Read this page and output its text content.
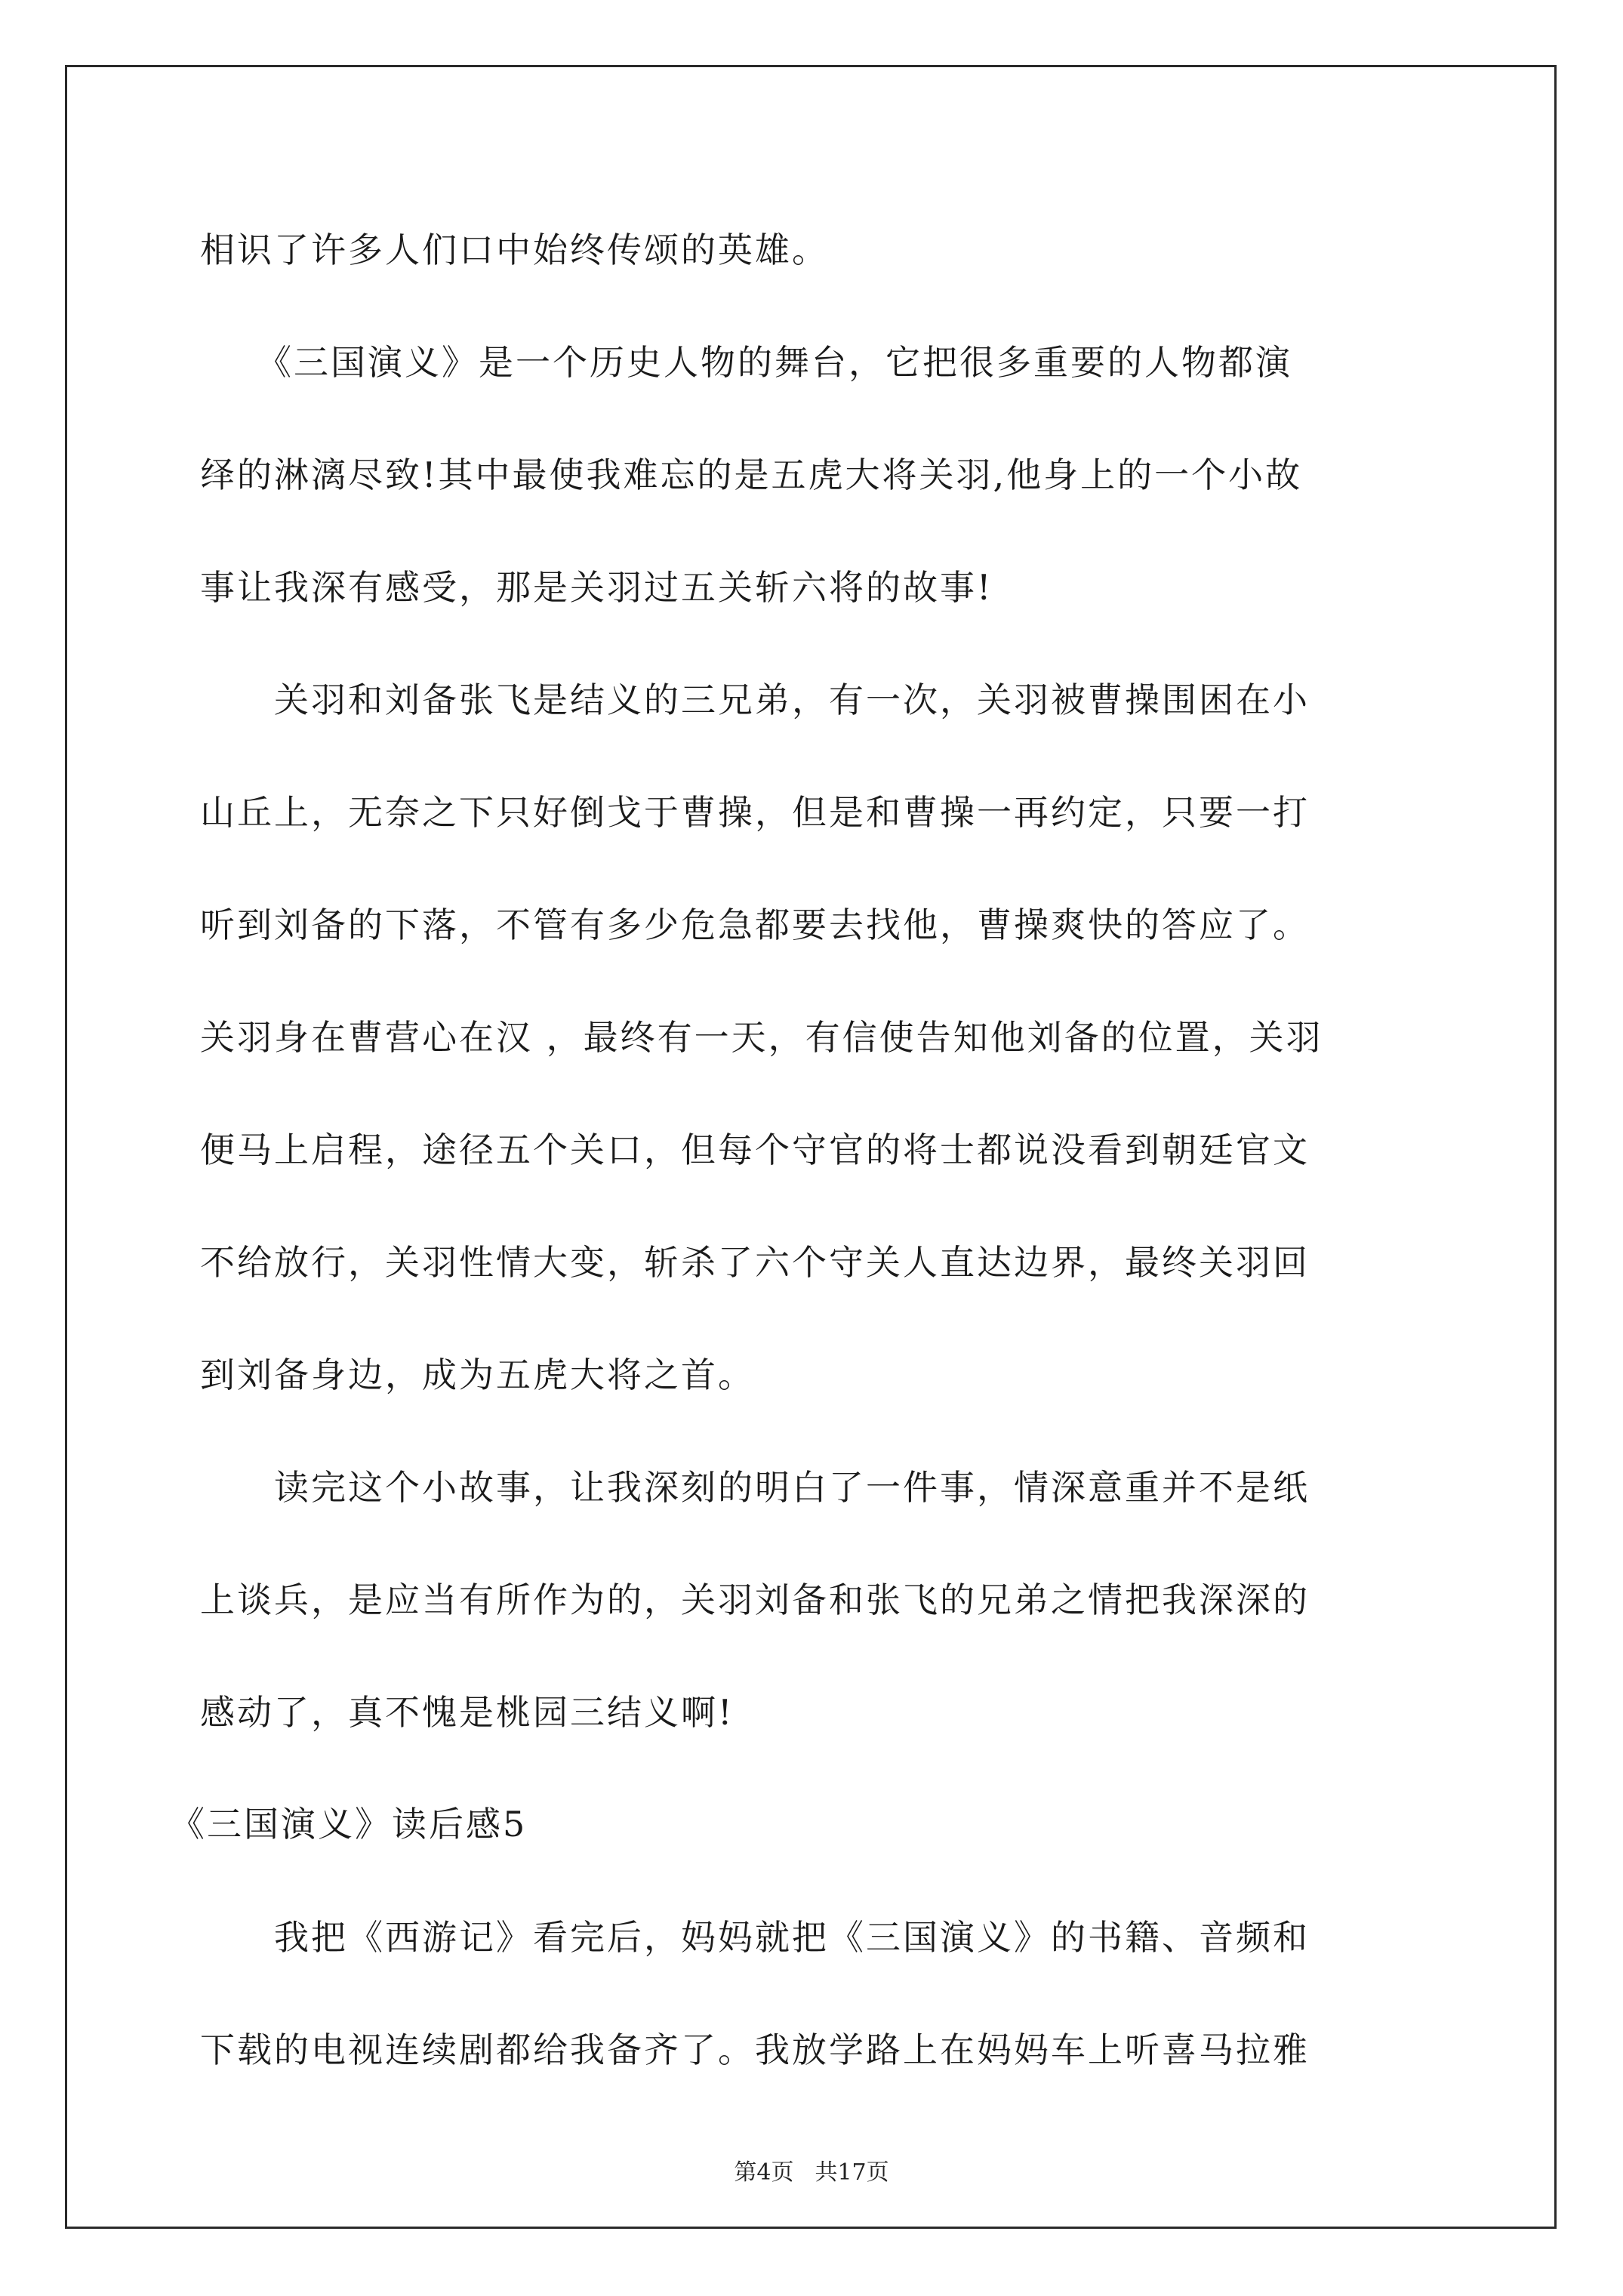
相识了许多人们口中始终传颂的英雄。
　　《三国演义》是一个历史人物的舞台，它把很多重要的人物都演
绎的淋漓尽致!其中最使我难忘的是五虎大将关羽,他身上的一个小故
事让我深有感受，那是关羽过五关斩六将的故事!
　　关羽和刘备张飞是结义的三兄弟，有一次，关羽被曹操围困在小
山丘上，无奈之下只好倒戈于曹操，但是和曹操一再约定，只要一打
听到刘备的下落，不管有多少危急都要去找他，曹操爽快的答应了。
关羽身在曹营心在汉 ，最终有一天，有信使告知他刘备的位置，关羽
便马上启程，途径五个关口，但每个守官的将士都说没看到朝廷官文
不给放行，关羽性情大变，斩杀了六个守关人直达边界，最终关羽回
到刘备身边，成为五虎大将之首。
　　读完这个小故事，让我深刻的明白了一件事，情深意重并不是纸
上谈兵，是应当有所作为的，关羽刘备和张飞的兄弟之情把我深深的
感动了，真不愧是桃园三结义啊!
《三国演义》读后感5
　　我把《西游记》看完后，妈妈就把《三国演义》的书籍、音频和
下载的电视连续剧都给我备齐了。我放学路上在妈妈车上听喜马拉雅
第4页 共17页
